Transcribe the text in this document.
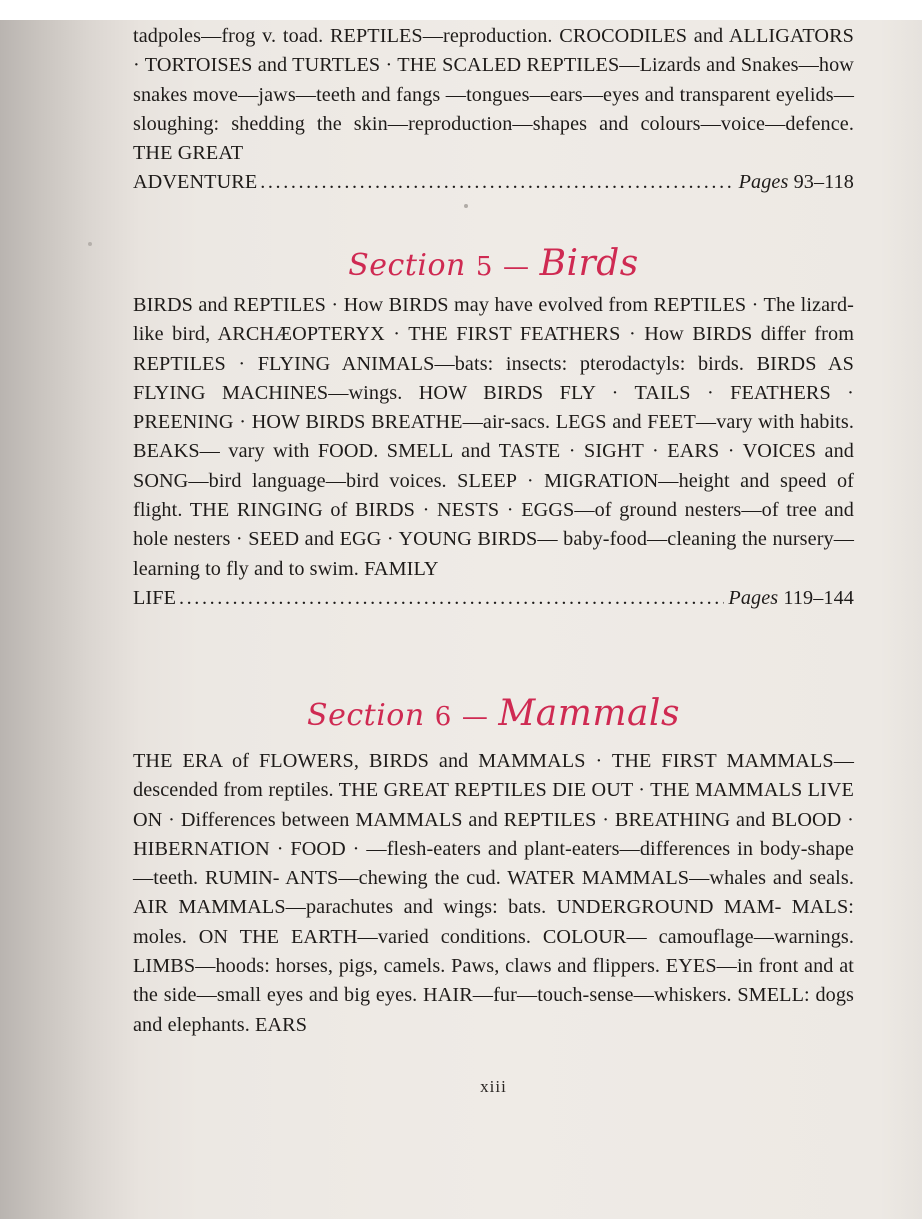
tadpoles—frog v. toad. REPTILES—reproduction. CROCODILES and ALLIGATORS · TORTOISES and TURTLES · THE SCALED REPTILES—Lizards and Snakes—how snakes move—jaws—teeth and fangs —tongues—ears—eyes and transparent eyelids—sloughing: shedding the skin—reproduction—shapes and colours—voice—defence. THE GREAT

ADVENTURE .....	Pages 93–118
Section 5 — Birds

BIRDS and REPTILES · How BIRDS may have evolved from REPTILES · The lizard-like bird, ARCHÆOPTERYX · THE FIRST FEATHERS · How BIRDS differ from REPTILES · FLYING ANIMALS—bats: insects: pterodactyls: birds. BIRDS AS FLYING MACHINES—wings. HOW BIRDS FLY · TAILS · FEATHERS · PREENING · HOW BIRDS BREATHE—air-sacs. LEGS and FEET—vary with habits. BEAKS— vary with FOOD. SMELL and TASTE · SIGHT · EARS · VOICES and SONG—bird language—bird voices. SLEEP · MIGRATION—height and speed of flight. THE RINGING of BIRDS · NESTS · EGGS—of ground nesters—of tree and hole nesters · SEED and EGG · YOUNG BIRDS— baby-food—cleaning the nursery—learning to fly and to swim. FAMILY

LIFE .....	Pages 119–144
Section 6 — Mammals

THE ERA of FLOWERS, BIRDS and MAMMALS · THE FIRST MAMMALS—descended from reptiles. THE GREAT REPTILES DIE OUT · THE MAMMALS LIVE ON · Differences between MAMMALS and REPTILES · BREATHING and BLOOD · HIBERNATION · FOOD · —flesh-eaters and plant-eaters—differences in body-shape—teeth. RUMIN- ANTS—chewing the cud. WATER MAMMALS—whales and seals. AIR MAMMALS—parachutes and wings: bats. UNDERGROUND MAM- MALS: moles. ON THE EARTH—varied conditions. COLOUR— camouflage—warnings. LIMBS—hoods: horses, pigs, camels. Paws, claws and flippers. EYES—in front and at the side—small eyes and big eyes. HAIR—fur—touch-sense—whiskers. SMELL: dogs and elephants. EARS

xiii
